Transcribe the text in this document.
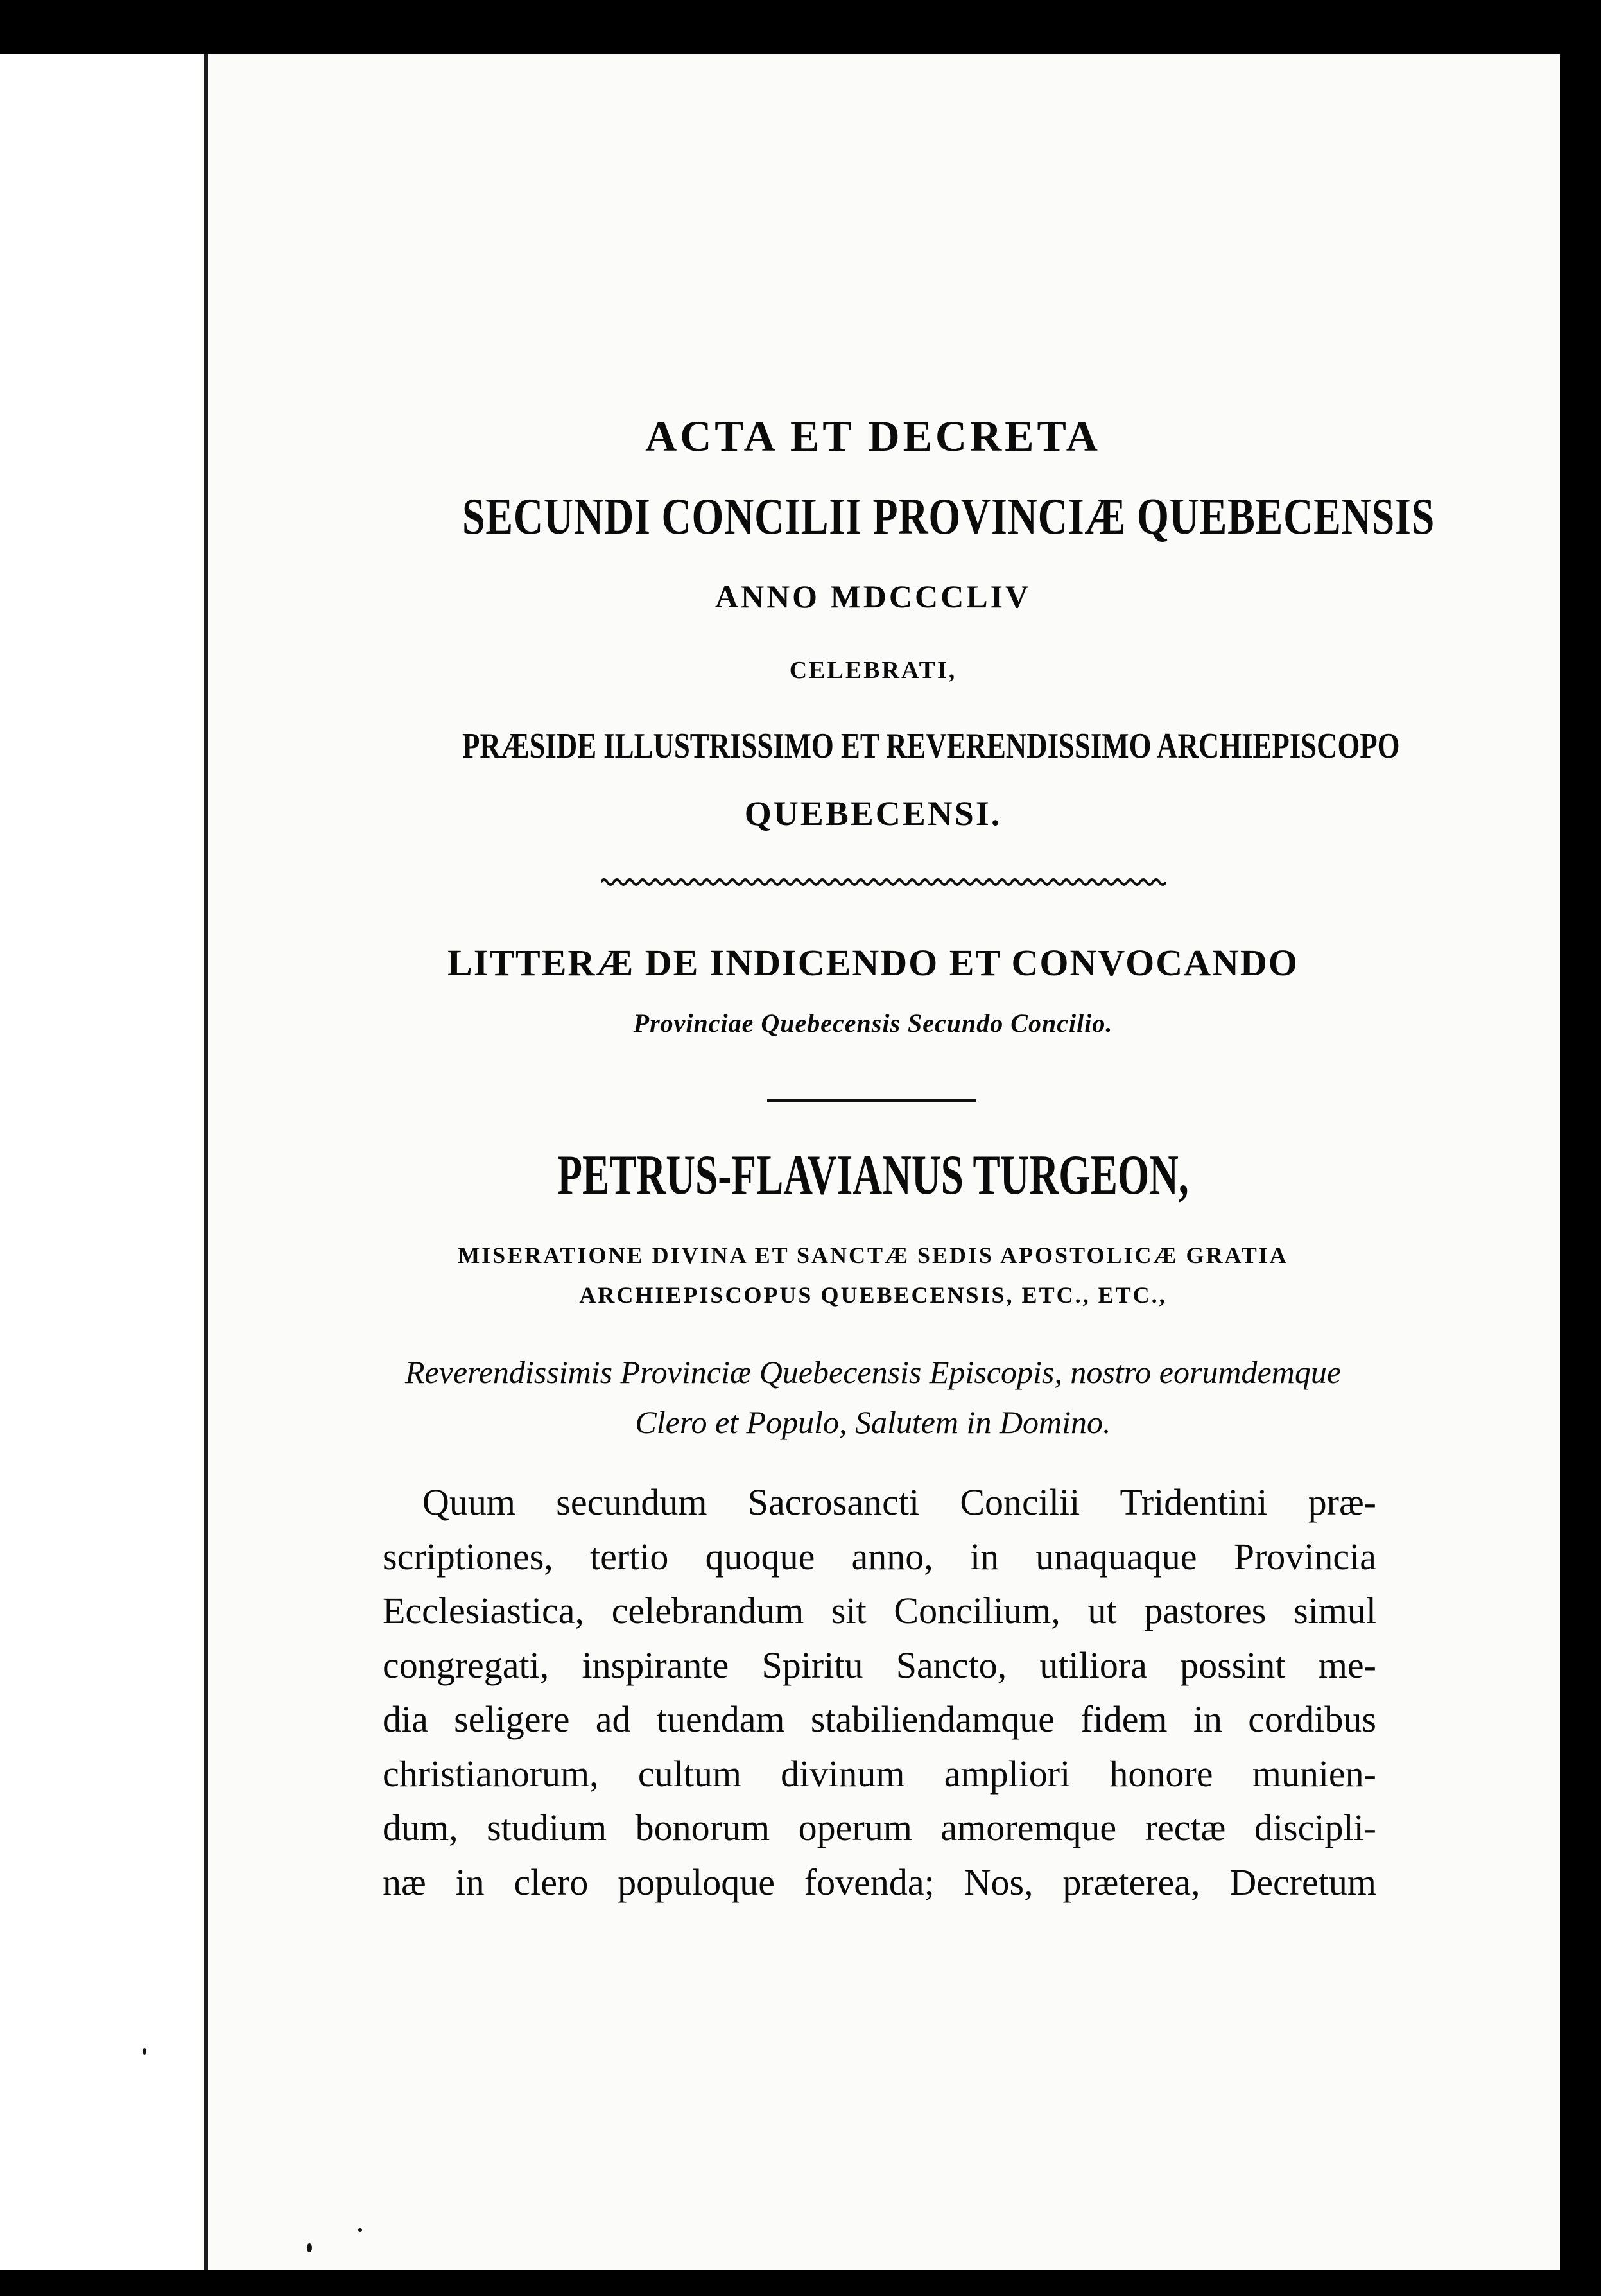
ACTA ET DECRETA
SECUNDI CONCILII PROVINCIÆ QUEBECENSIS
ANNO MDCCCLIV
CELEBRATI,
PRÆSIDE ILLUSTRISSIMO ET REVERENDISSIMO ARCHIEPISCOPO
QUEBECENSI.
LITTERÆ DE INDICENDO ET CONVOCANDO
Provinciae Quebecensis Secundo Concilio.
PETRUS-FLAVIANUS TURGEON,
MISERATIONE DIVINA ET SANCTÆ SEDIS APOSTOLICÆ GRATIA
ARCHIEPISCOPUS QUEBECENSIS, ETC., ETC.,
Reverendissimis Provinciæ Quebecensis Episcopis, nostro eorumdemque
Clero et Populo, Salutem in Domino.
Quum secundum Sacrosancti Concilii Tridentini præ-
scriptiones, tertio quoque anno, in unaquaque Provincia
Ecclesiastica, celebrandum sit Concilium, ut pastores simul
congregati, inspirante Spiritu Sancto, utiliora possint me-
dia seligere ad tuendam stabiliendamque fidem in cordibus
christianorum, cultum divinum ampliori honore munien-
dum, studium bonorum operum amoremque rectæ discipli-
næ in clero populoque fovenda; Nos, præterea, Decretum
